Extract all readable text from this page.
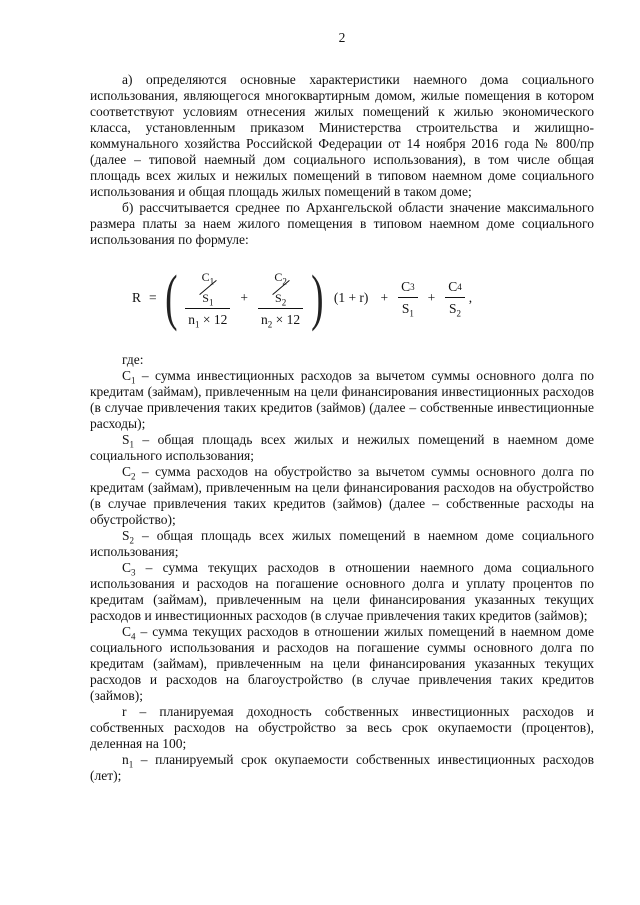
2

а) определяются основные характеристики наемного дома социального использования, являющегося многоквартирным домом, жилые помещения в котором соответствуют условиям отнесения жилых помещений к жилью экономического класса, установленным приказом Министерства строительства и жилищно-коммунального хозяйства Российской Федерации от 14 ноября 2016 года № 800/пр (далее – типовой наемный дом социального использования), в том числе общая площадь всех жилых и нежилых помещений в типовом наемном доме социального использования и общая площадь жилых помещений в таком доме;

б) рассчитывается среднее по Архангельской области значение максимального размера платы за наем жилого помещения в типовом наемном доме социального использования по формуле:

R = ( $C_1$
$S_1$
$n_1 \times 12 + C_2$
$S_2$
$n_2 \times 12$ ) $(1 + r) + \frac{C 3}{S_1} + \frac{C 4}{S_2}$ ,

где:

$C_1$ – сумма инвестиционных расходов за вычетом суммы основного долга по кредитам (займам), привлеченным на цели финансирования инвестиционных расходов (в случае привлечения таких кредитов (займов) (далее – собственные инвестиционные расходы);

$S_1$ – общая площадь всех жилых и нежилых помещений в наемном доме социального использования;

$C_2$ – сумма расходов на обустройство за вычетом суммы основного долга по кредитам (займам), привлеченным на цели финансирования расходов на обустройство (в случае привлечения таких кредитов (займов) (далее – собственные расходы на обустройство);

$S_2$ – общая площадь всех жилых помещений в наемном доме социального использования;

$C_3$ – сумма текущих расходов в отношении наемного дома социального использования и расходов на погашение основного долга и уплату процентов по кредитам (займам), привлеченным на цели финансирования указанных текущих расходов и инвестиционных расходов (в случае привлечения таких кредитов (займов);

$C_4$ – сумма текущих расходов в отношении жилых помещений в наемном доме социального использования и расходов на погашение суммы основного долга по кредитам (займам), привлеченным на цели финансирования указанных текущих расходов и расходов на благоустройство (в случае привлечения таких кредитов (займов);

r – планируемая доходность собственных инвестиционных расходов и собственных расходов на обустройство за весь срок окупаемости (процентов), деленная на 100;

$n_1$ – планируемый срок окупаемости собственных инвестиционных расходов (лет);
